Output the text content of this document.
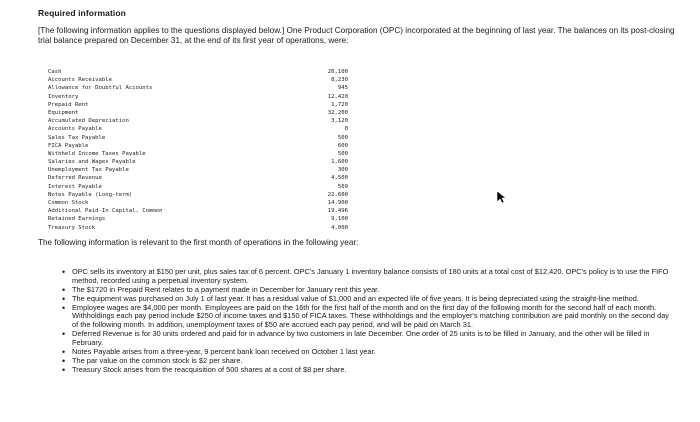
Required information
[The following information applies to the questions displayed below.] One Product Corporation (OPC) incorporated at the beginning of last year. The balances on its post-closing trial balance prepared on December 31, at the end of its first year of operations, were:
Cash	20,100
Accounts Receivable	8,230
Allowance for Doubtful Accounts	945
Inventory	12,420
Prepaid Rent	1,720
Equipment	32,200
Accumulated Depreciation	3,120
Accounts Payable	0
Sales Tax Payable	500
FICA Payable	600
Withheld Income Taxes Payable	500
Salaries and Wages Payable	1,600
Unemployment Tax Payable	300
Deferred Revenue	4,500
Interest Payable	509
Notes Payable (Long-term)	22,600
Common Stock	14,900
Additional Paid-In Capital, Common	19,496
Retained Earnings	9,100
Treasury Stock	4,000
The following information is relevant to the first month of operations in the following year:
• OPC sells its inventory at $150 per unit, plus sales tax of 6 percent. OPC's January 1 inventory balance consists of 180 units at a total cost of $12,420. OPC's policy is to use the FIFO method, recorded using a perpetual inventory system.
• The $1720 in Prepaid Rent relates to a payment made in December for January rent this year.
• The equipment was purchased on July 1 of last year. It has a residual value of $1,000 and an expected life of five years. It is being depreciated using the straight-line method.
• Employee wages are $4,000 per month. Employees are paid on the 16th for the first half of the month and on the first day of the following month for the second half of each month. Withholdings each pay period include $250 of income taxes and $150 of FICA taxes. These withholdings and the employer's matching contribution are paid monthly on the second day of the following month. In addition, unemployment taxes of $50 are accrued each pay period, and will be paid on March 31.
• Deferred Revenue is for 30 units ordered and paid for in advance by two customers in late December. One order of 25 units is to be filled in January, and the other will be filled in February.
• Notes Payable arises from a three-year, 9 percent bank loan received on October 1 last year.
• The par value on the common stock is $2 per share.
• Treasury Stock arises from the reacquisition of 500 shares at a cost of $8 per share.
